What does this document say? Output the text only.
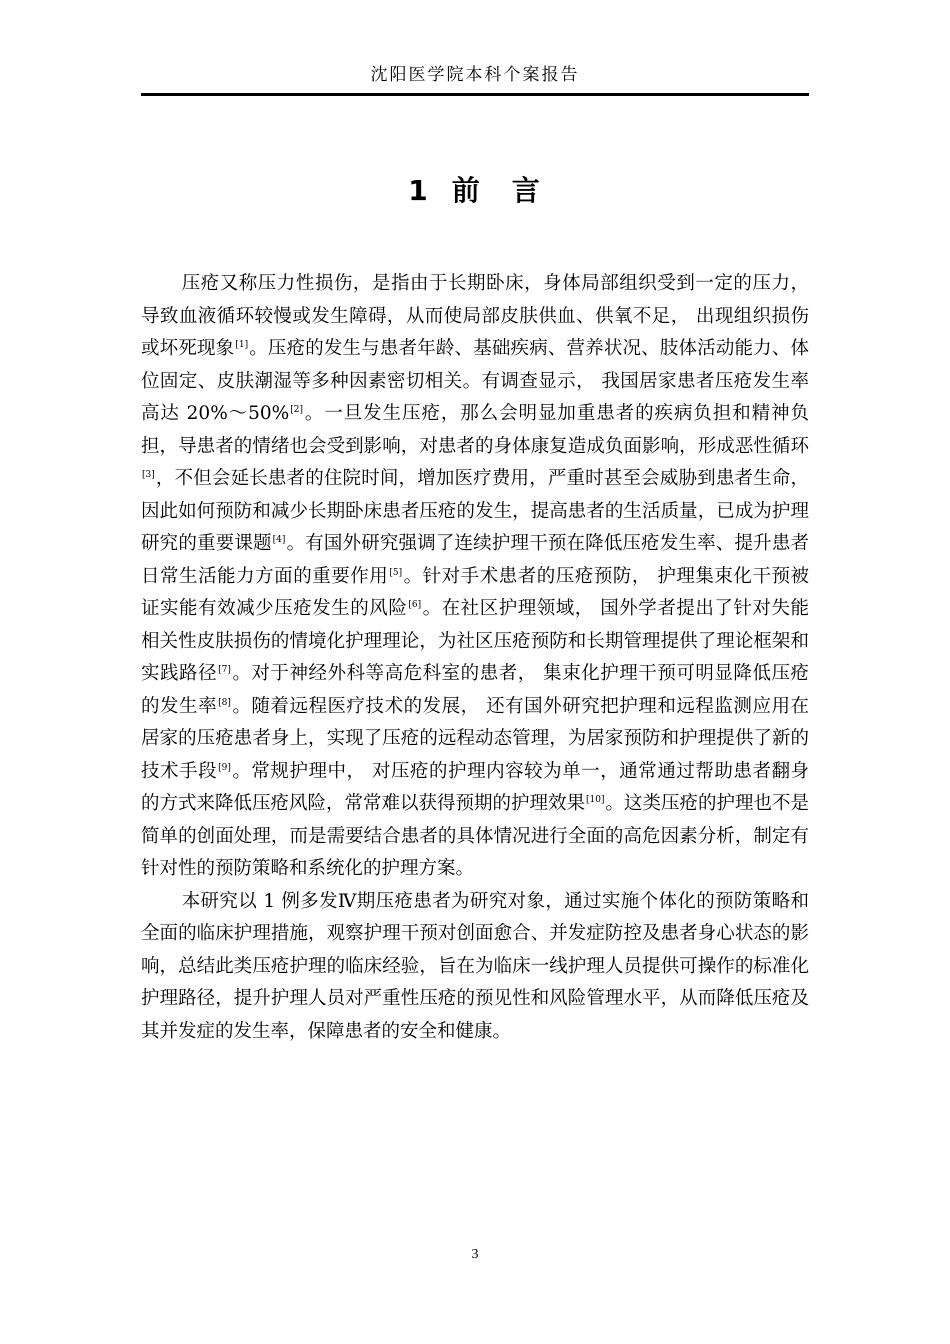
沈阳医学院本科个案报告
1 前 言

压疮又称压力性损伤，是指由于长期卧床，身体局部组织受到一定的压力，导致血液循环较慢或发生障碍，从而使局部皮肤供血、供氧不足， 出现组织损伤或坏死现象[1]。压疮的发生与患者年龄、基础疾病、营养状况、肢体活动能力、体位固定、皮肤潮湿等多种因素密切相关。有调查显示， 我国居家患者压疮发生率高达 20%～50%[2]。一旦发生压疮，那么会明显加重患者的疾病负担和精神负担，导患者的情绪也会受到影响，对患者的身体康复造成负面影响，形成恶性循环 [3]，不但会延长患者的住院时间，增加医疗费用，严重时甚至会威胁到患者生命，因此如何预防和减少长期卧床患者压疮的发生，提高患者的生活质量，已成为护理研究的重要课题[4]。有国外研究强调了连续护理干预在降低压疮发生率、提升患者日常生活能力方面的重要作用[5]。针对手术患者的压疮预防， 护理集束化干预被证实能有效减少压疮发生的风险[6]。在社区护理领域， 国外学者提出了针对失能相关性皮肤损伤的情境化护理理论，为社区压疮预防和长期管理提供了理论框架和实践路径[7]。对于神经外科等高危科室的患者， 集束化护理干预可明显降低压疮的发生率[8]。随着远程医疗技术的发展， 还有国外研究把护理和远程监测应用在居家的压疮患者身上，实现了压疮的远程动态管理，为居家预防和护理提供了新的技术手段[9]。常规护理中， 对压疮的护理内容较为单一，通常通过帮助患者翻身的方式来降低压疮风险，常常难以获得预期的护理效果[10]。这类压疮的护理也不是简单的创面处理，而是需要结合患者的具体情况进行全面的高危因素分析，制定有针对性的预防策略和系统化的护理方案。

本研究以 1 例多发Ⅳ期压疮患者为研究对象，通过实施个体化的预防策略和全面的临床护理措施，观察护理干预对创面愈合、并发症防控及患者身心状态的影响，总结此类压疮护理的临床经验，旨在为临床一线护理人员提供可操作的标准化护理路径，提升护理人员对严重性压疮的预见性和风险管理水平，从而降低压疮及其并发症的发生率，保障患者的安全和健康。

3
